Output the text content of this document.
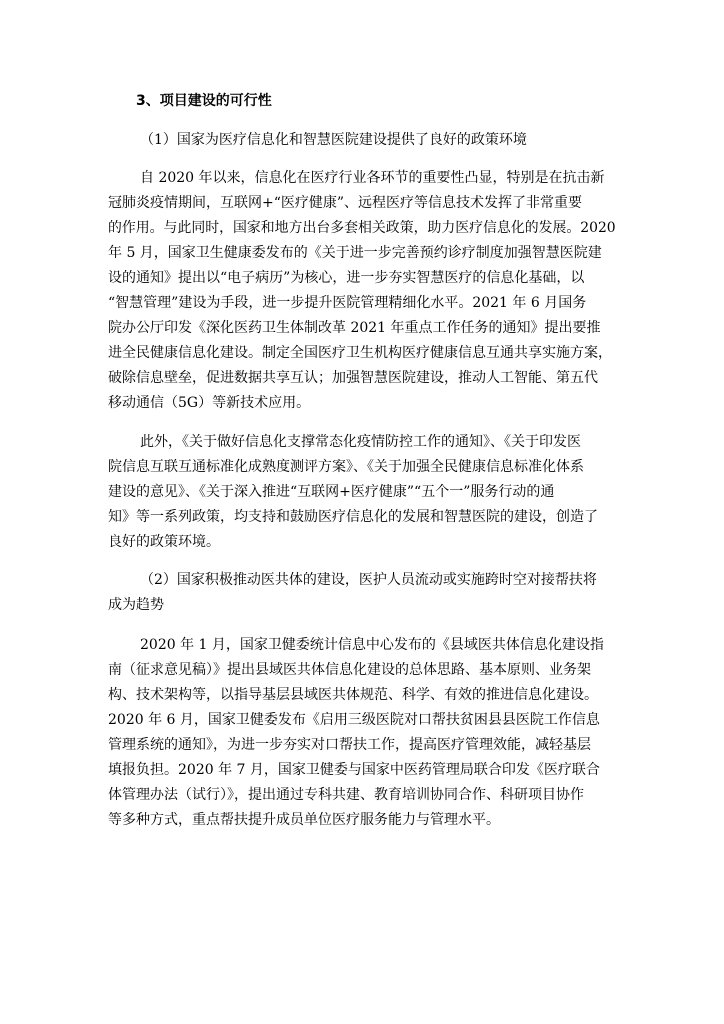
3、项目建设的可行性

（1）国家为医疗信息化和智慧医院建设提供了良好的政策环境

自 2020 年以来，信息化在医疗行业各环节的重要性凸显，特别是在抗击新

冠肺炎疫情期间，互联网+“医疗健康”、远程医疗等信息技术发挥了非常重要

的作用。与此同时，国家和地方出台多套相关政策，助力医疗信息化的发展。2020

年 5 月，国家卫生健康委发布的《关于进一步完善预约诊疗制度加强智慧医院建

设的通知》提出以“电子病历”为核心，进一步夯实智慧医疗的信息化基础，以

“智慧管理”建设为手段，进一步提升医院管理精细化水平。2021 年 6 月国务

院办公厅印发《深化医药卫生体制改革 2021 年重点工作任务的通知》提出要推

进全民健康信息化建设。制定全国医疗卫生机构医疗健康信息互通共享实施方案，

破除信息壁垒，促进数据共享互认；加强智慧医院建设，推动人工智能、第五代

移动通信（5G）等新技术应用。

此外，《关于做好信息化支撑常态化疫情防控工作的通知》、《关于印发医

院信息互联互通标准化成熟度测评方案》、《关于加强全民健康信息标准化体系

建设的意见》、《关于深入推进“互联网+医疗健康”“五个一”服务行动的通

知》等一系列政策，均支持和鼓励医疗信息化的发展和智慧医院的建设，创造了

良好的政策环境。

（2）国家积极推动医共体的建设，医护人员流动或实施跨时空对接帮扶将

成为趋势

2020 年 1 月，国家卫健委统计信息中心发布的《县域医共体信息化建设指

南（征求意见稿）》提出县域医共体信息化建设的总体思路、基本原则、业务架

构、技术架构等，以指导基层县域医共体规范、科学、有效的推进信息化建设。

2020 年 6 月，国家卫健委发布《启用三级医院对口帮扶贫困县县医院工作信息

管理系统的通知》，为进一步夯实对口帮扶工作，提高医疗管理效能，减轻基层

填报负担。2020 年 7 月，国家卫健委与国家中医药管理局联合印发《医疗联合

体管理办法（试行）》，提出通过专科共建、教育培训协同合作、科研项目协作

等多种方式，重点帮扶提升成员单位医疗服务能力与管理水平。
